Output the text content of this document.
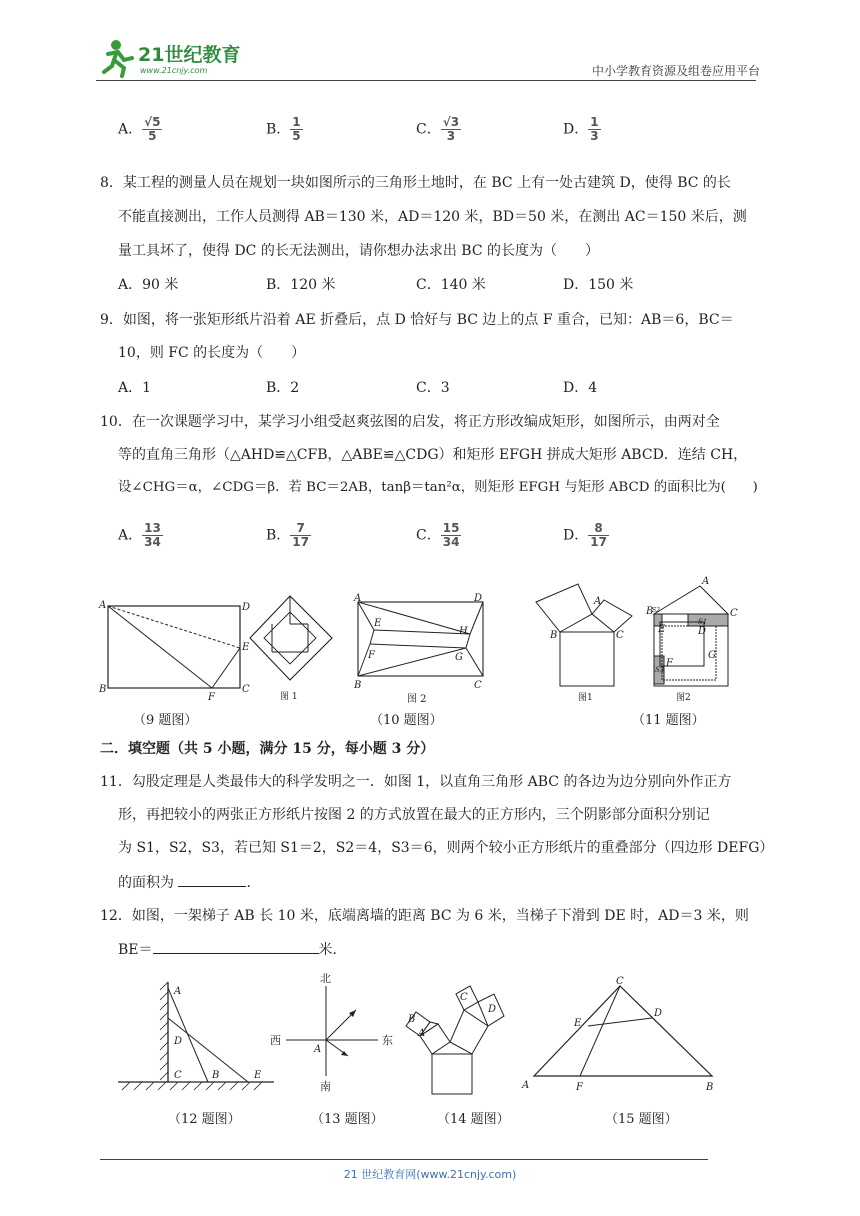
21世纪教育
www.21cnjy.com	中小学教育资源及组卷应用平台
A． $\frac{√5}{5}$	B． $\frac{1}{5}$	C． $\frac{√3}{3}$	D． $\frac{1}{3}$
8．某工程的测量人员在规划一块如图所示的三角形土地时，在 BC 上有一处古建筑 D，使得 BC 的长
不能直接测出，工作人员测得 AB＝130 米，AD＝120 米，BD＝50 米，在测出 AC＝150 米后，测
量工具坏了，使得 DC 的长无法测出，请你想办法求出 BC 的长度为（　　）
A．90 米	B．120 米	C．140 米	D．150 米
9．如图，将一张矩形纸片沿着 AE 折叠后，点 D 恰好与 BC 边上的点 F 重合，已知：AB＝6，BC＝
10，则 FC 的长度为（　　）
A．1	B．2	C．3	D．4
10．在一次课题学习中，某学习小组受赵爽弦图的启发，将正方形改编成矩形，如图所示，由两对全
等的直角三角形（△AHD≌△CFB，△ABE≌△CDG）和矩形 EFGH 拼成大矩形 ABCD．连结 CH，
设∠CHG＝α，∠CDG＝β．若 BC＝2AB，tanβ＝tan²α，则矩形 EFGH 与矩形 ABCD 的面积比为(　　)
A． $\frac{13}{34}$	B． $\frac{7}{17}$	C． $\frac{15}{34}$	D． $\frac{8}{17}$
A
B	C
D
E
F
（9 题图）
图 1
A
B	C
D
E
F	G
H
图 2
（10 题图）
B	C
A
图1
A
B	C
D
E
F
G
S1
S2
S3
图2
（11 题图）
二．填空题（共 5 小题，满分 15 分，每小题 3 分）
11．勾股定理是人类最伟大的科学发明之一．如图 1，以直角三角形 ABC 的各边为边分别向外作正方
形，再把较小的两张正方形纸片按图 2 的方式放置在最大的正方形内，三个阴影部分面积分别记
为 S1，S2，S3，若已知 S1＝2，S2＝4，S3＝6，则两个较小正方形纸片的重叠部分（四边形 DEFG）
的面积为	．
12．如图，一架梯子 AB 长 10 米，底端离墙的距离 BC 为 6 米，当梯子下滑到 DE 时，AD＝3 米，则
BE＝	米．
A
D
C	B	E
（12 题图）
北
南
西	东
A
（13 题图）
B
A
C
D
（14 题图）
C
E
D
A	F	B
（15 题图）
21 世纪教育网(www.21cnjy.com)
